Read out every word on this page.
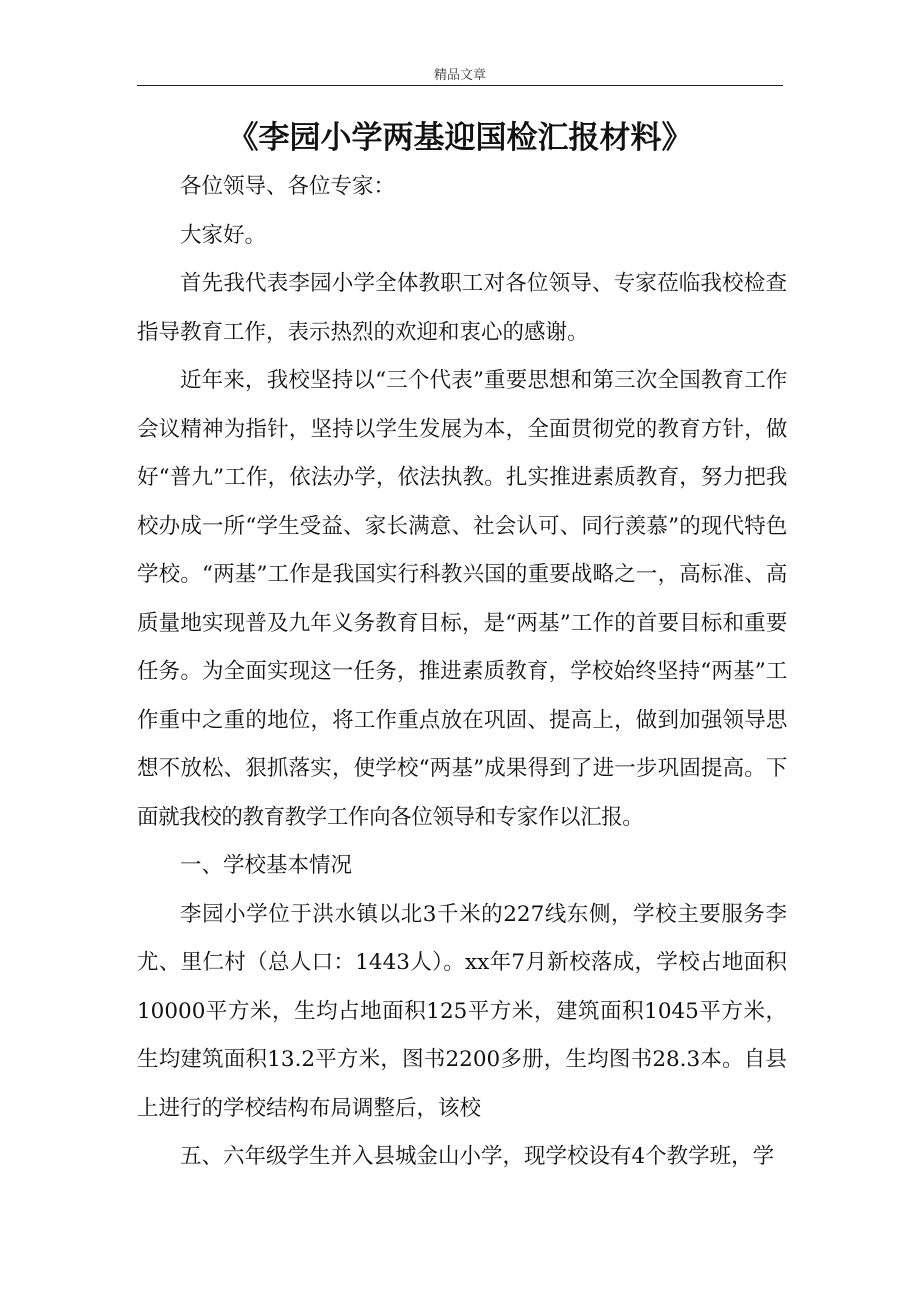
精品文章
《李园小学两基迎国检汇报材料》

各位领导、各位专家：

大家好。

首先我代表李园小学全体教职工对各位领导、专家莅临我校检查指导教育工作，表示热烈的欢迎和衷心的感谢。

近年来，我校坚持以“三个代表”重要思想和第三次全国教育工作会议精神为指针，坚持以学生发展为本，全面贯彻党的教育方针，做好“普九”工作，依法办学，依法执教。扎实推进素质教育，努力把我校办成一所“学生受益、家长满意、社会认可、同行羡慕”的现代特色学校。“两基”工作是我国实行科教兴国的重要战略之一，高标准、高质量地实现普及九年义务教育目标，是“两基”工作的首要目标和重要任务。为全面实现这一任务，推进素质教育，学校始终坚持“两基”工作重中之重的地位，将工作重点放在巩固、提高上，做到加强领导思想不放松、狠抓落实，使学校“两基”成果得到了进一步巩固提高。下面就我校的教育教学工作向各位领导和专家作以汇报。

一、学校基本情况

李园小学位于洪水镇以北3千米的227线东侧，学校主要服务李尤、里仁村（总人口：1443人）。xx年7月新校落成，学校占地面积10000平方米，生均占地面积125平方米，建筑面积1045平方米，生均建筑面积13.2平方米，图书2200多册，生均图书28.3本。自县上进行的学校结构布局调整后，该校

五、六年级学生并入县城金山小学，现学校设有4个教学班，学
